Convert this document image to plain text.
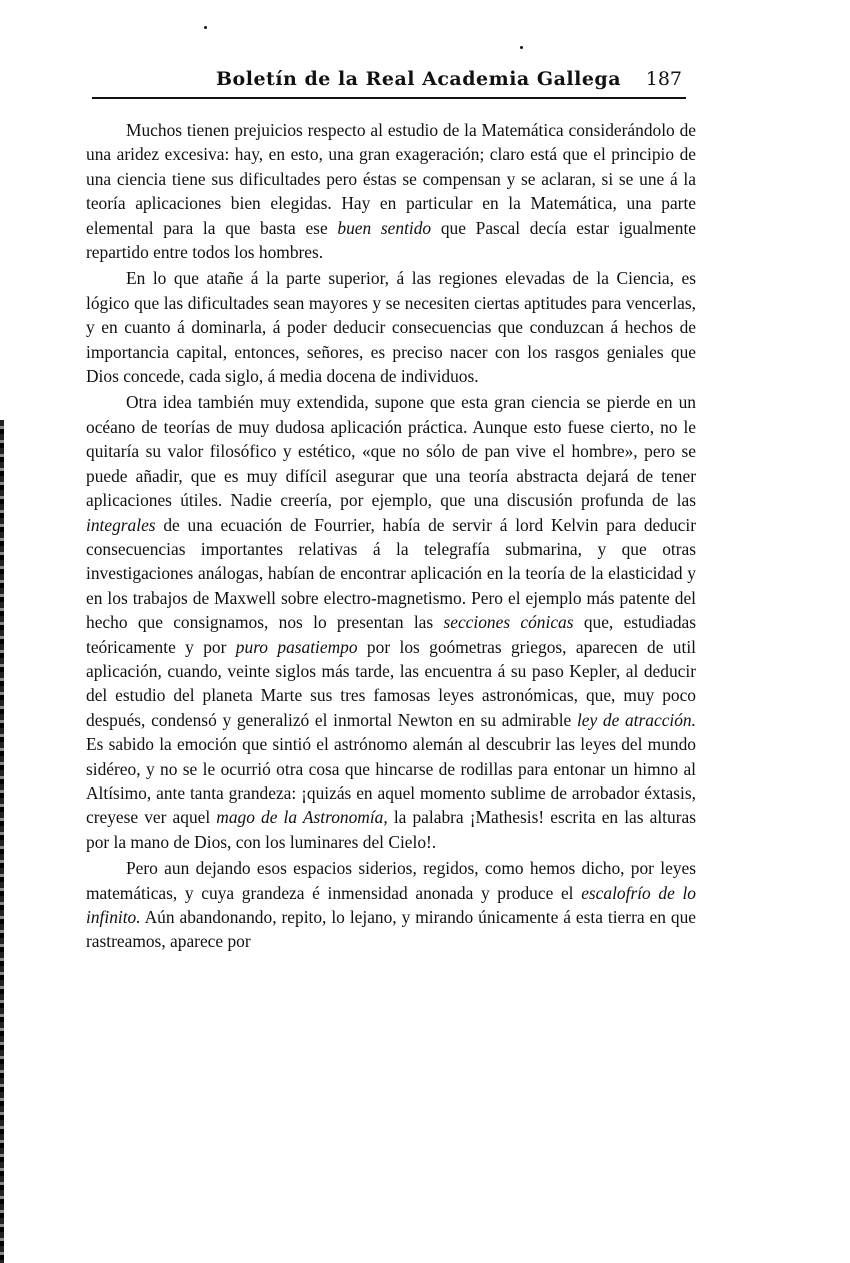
Boletín de la Real Academia Gallega 187

Muchos tienen prejuicios respecto al estudio de la Matemática considerándolo de una aridez excesiva: hay, en esto, una gran exageración; claro está que el principio de una ciencia tiene sus dificultades pero éstas se compensan y se aclaran, si se une á la teoría aplicaciones bien elegidas. Hay en particular en la Matemática, una parte elemental para la que basta ese buen sentido que Pascal decía estar igualmente repartido entre todos los hombres.

En lo que atañe á la parte superior, á las regiones elevadas de la Ciencia, es lógico que las dificultades sean mayores y se necesiten ciertas aptitudes para vencerlas, y en cuanto á dominarla, á poder deducir consecuencias que conduzcan á hechos de importancia capital, entonces, señores, es preciso nacer con los rasgos geniales que Dios concede, cada siglo, á media docena de individuos.

Otra idea también muy extendida, supone que esta gran ciencia se pierde en un océano de teorías de muy dudosa aplicación práctica. Aunque esto fuese cierto, no le quitaría su valor filosófico y estético, «que no sólo de pan vive el hombre», pero se puede añadir, que es muy difícil asegurar que una teoría abstracta dejará de tener aplicaciones útiles. Nadie creería, por ejemplo, que una discusión profunda de las integrales de una ecuación de Fourrier, había de servir á lord Kelvin para deducir consecuencias importantes relativas á la telegrafía submarina, y que otras investigaciones análogas, habían de encontrar aplicación en la teoría de la elasticidad y en los trabajos de Maxwell sobre electro-magnetismo. Pero el ejemplo más patente del hecho que consignamos, nos lo presentan las secciones cónicas que, estudiadas teóricamente y por puro pasatiempo por los goómetras griegos, aparecen de util aplicación, cuando, veinte siglos más tarde, las encuentra á su paso Kepler, al deducir del estudio del planeta Marte sus tres famosas leyes astronómicas, que, muy poco después, condensó y generalizó el inmortal Newton en su admirable ley de atracción. Es sabido la emoción que sintió el astrónomo alemán al descubrir las leyes del mundo sidéreo, y no se le ocurrió otra cosa que hincarse de rodillas para entonar un himno al Altísimo, ante tanta grandeza: ¡quizás en aquel momento sublime de arrobador éxtasis, creyese ver aquel mago de la Astronomía, la palabra ¡Mathesis! escrita en las alturas por la mano de Dios, con los luminares del Cielo!.

Pero aun dejando esos espacios siderios, regidos, como hemos dicho, por leyes matemáticas, y cuya grandeza é inmensidad anonada y produce el escalofrío de lo infinito. Aún abandonando, repito, lo lejano, y mirando únicamente á esta tierra en que rastreamos, aparece por
